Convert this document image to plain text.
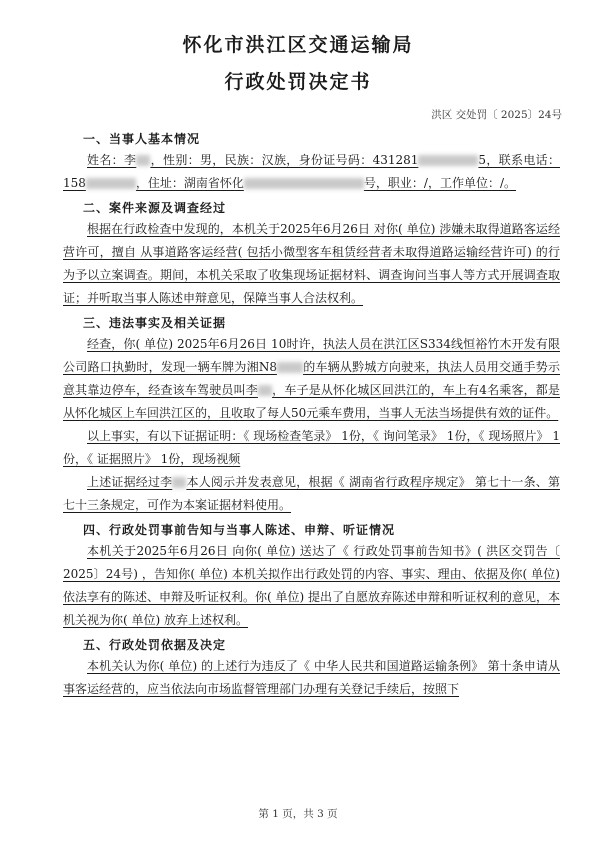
怀化市洪江区交通运输局
行政处罚决定书
洪区 交处罚〔 2025〕24号
一、当事人基本情况

姓名：李 ，性别：男，民族：汉族，身份证号码：431281	5，联系电话：158	，住址：湖南省怀化	号，职业：/，工作单位：/。

二、案件来源及调查经过

根据在行政检查中发现的，本机关于2025年6月26日 对你( 单位) 涉嫌未取得道路客运经营许可，擅自 从事道路客运经营( 包括小微型客车租赁经营者未取得道路运输经营许可) 的行为予以立案调查。期间，本机关采取了收集现场证据材料、调查询问当事人等方式开展调查取证；并听取当事人陈述申辩意见，保障当事人合法权利。

三、违法事实及相关证据

经查，你( 单位) 2025年6月26日 10时许，执法人员在洪江区S334线恒裕竹木开发有限公司路口执勤时，发现一辆车牌为湘N8 的车辆从黔城方向驶来，执法人员用交通手势示意其靠边停车，经查该车驾驶员叫李 ，车子是从怀化城区回洪江的，车上有4名乘客，都是从怀化城区上车回洪江区的，且收取了每人50元乘车费用，当事人无法当场提供有效的证件。

以上事实，有以下证据证明：《 现场检查笔录》 1份，《 询问笔录》 1份，《 现场照片》 1份，《 证据照片》 1份，现场视频

上述证据经过李 本人阅示并发表意见，根据《 湖南省行政程序规定》 第七十一条、第七十三条规定，可作为本案证据材料使用。

四、行政处罚事前告知与当事人陈述、申辩、听证情况

本机关于2025年6月26日 向你( 单位) 送达了《 行政处罚事前告知书》( 洪区交罚告〔 2025〕24号) ，告知你( 单位) 本机关拟作出行政处罚的内容、事实、理由、依据及你( 单位) 依法享有的陈述、申辩及听证权利。你( 单位) 提出了自愿放弃陈述申辩和听证权利的意见，本机关视为你( 单位) 放弃上述权利。

五、行政处罚依据及决定

本机关认为你( 单位) 的上述行为违反了《 中华人民共和国道路运输条例》 第十条申请从事客运经营的，应当依法向市场监督管理部门办理有关登记手续后，按照下

第 1 页，共 3 页
